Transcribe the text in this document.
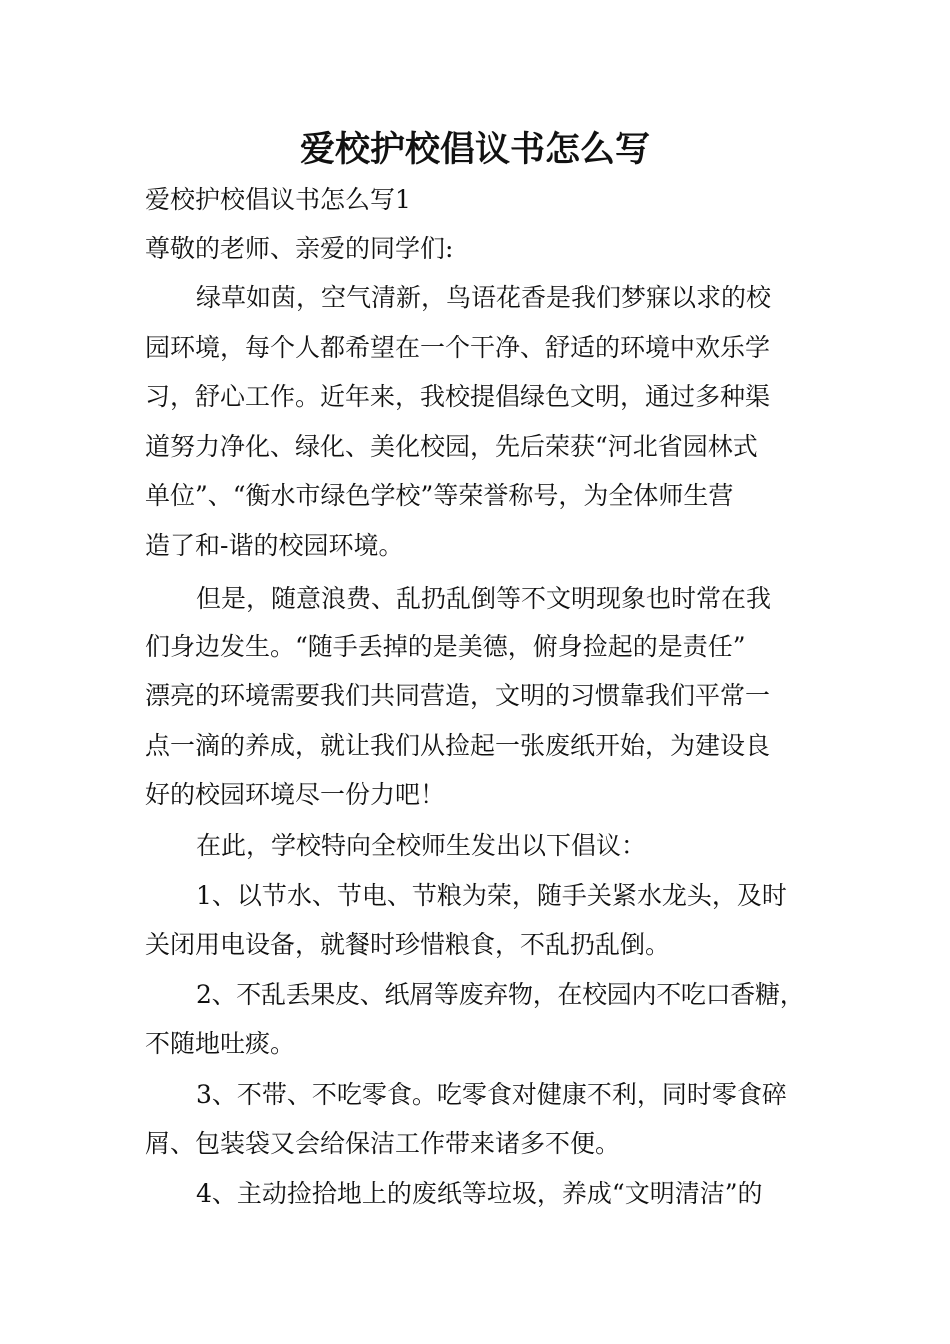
爱校护校倡议书怎么写

爱校护校倡议书怎么写1

尊敬的老师、亲爱的同学们:

绿草如茵，空气清新，鸟语花香是我们梦寐以求的校

园环境，每个人都希望在一个干净、舒适的环境中欢乐学

习，舒心工作。近年来，我校提倡绿色文明，通过多种渠

道努力净化、绿化、美化校园，先后荣获“河北省园林式

单位”、“衡水市绿色学校”等荣誉称号，为全体师生营

造了和-谐的校园环境。

但是，随意浪费、乱扔乱倒等不文明现象也时常在我

们身边发生。“随手丢掉的是美德，俯身捡起的是责任”

漂亮的环境需要我们共同营造，文明的习惯靠我们平常一

点一滴的养成，就让我们从捡起一张废纸开始，为建设良

好的校园环境尽一份力吧！

在此，学校特向全校师生发出以下倡议：

1、以节水、节电、节粮为荣，随手关紧水龙头，及时

关闭用电设备，就餐时珍惜粮食，不乱扔乱倒。

2、不乱丢果皮、纸屑等废弃物，在校园内不吃口香糖，

不随地吐痰。

3、不带、不吃零食。吃零食对健康不利，同时零食碎

屑、包装袋又会给保洁工作带来诸多不便。

4、主动捡拾地上的废纸等垃圾，养成“文明清洁”的
